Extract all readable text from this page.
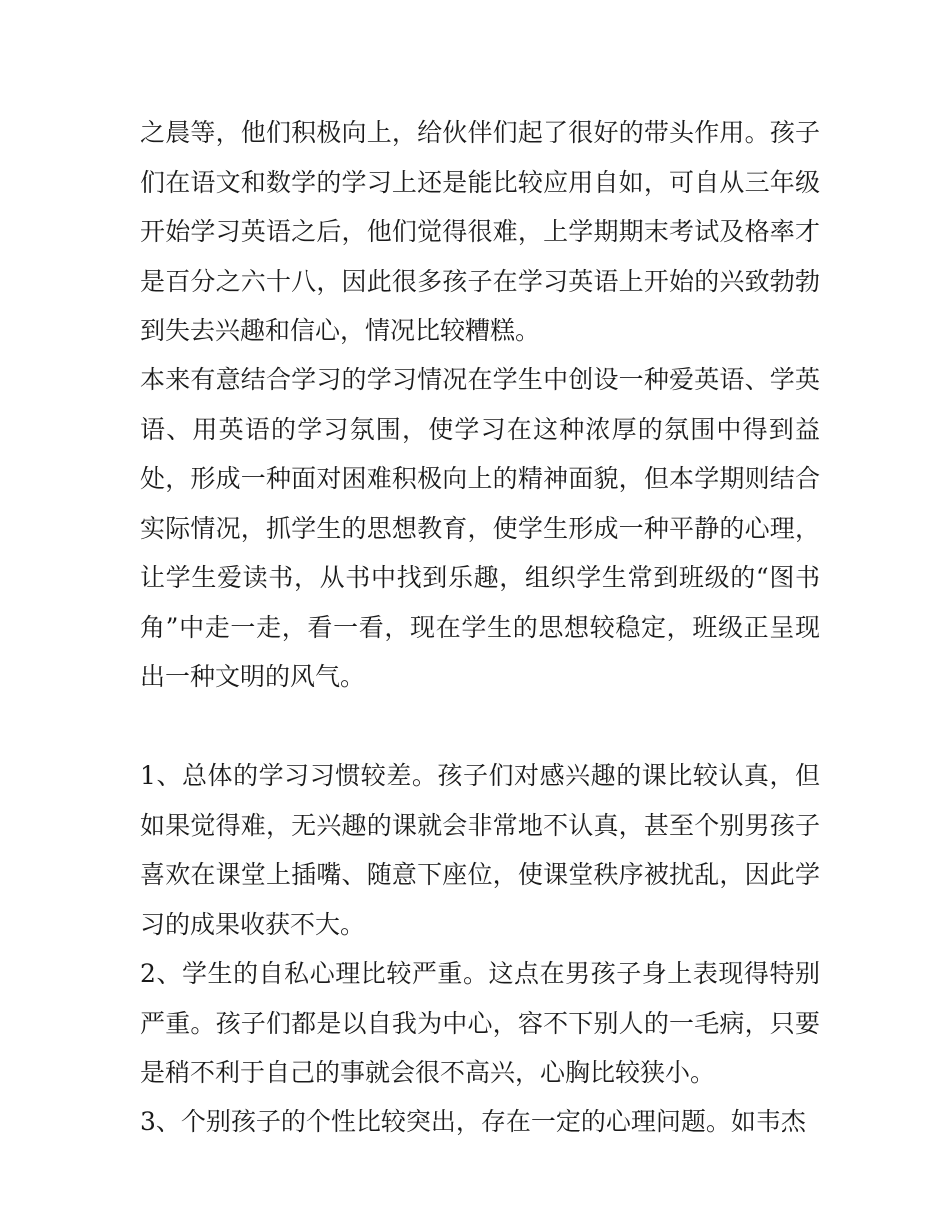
之晨等，他们积极向上，给伙伴们起了很好的带头作用。孩子们在语文和数学的学习上还是能比较应用自如，可自从三年级开始学习英语之后，他们觉得很难，上学期期末考试及格率才是百分之六十八，因此很多孩子在学习英语上开始的兴致勃勃到失去兴趣和信心，情况比较糟糕。

本来有意结合学习的学习情况在学生中创设一种爱英语、学英语、用英语的学习氛围，使学习在这种浓厚的氛围中得到益处，形成一种面对困难积极向上的精神面貌，但本学期则结合实际情况，抓学生的思想教育，使学生形成一种平静的心理，让学生爱读书，从书中找到乐趣，组织学生常到班级的“图书角”中走一走，看一看，现在学生的思想较稳定，班级正呈现出一种文明的风气。

1、总体的学习习惯较差。孩子们对感兴趣的课比较认真，但如果觉得难，无兴趣的课就会非常地不认真，甚至个别男孩子喜欢在课堂上插嘴、随意下座位，使课堂秩序被扰乱，因此学习的成果收获不大。

2、学生的自私心理比较严重。这点在男孩子身上表现得特别严重。孩子们都是以自我为中心，容不下别人的一毛病，只要是稍不利于自己的事就会很不高兴，心胸比较狭小。

3、个别孩子的个性比较突出，存在一定的心理问题。如韦杰
